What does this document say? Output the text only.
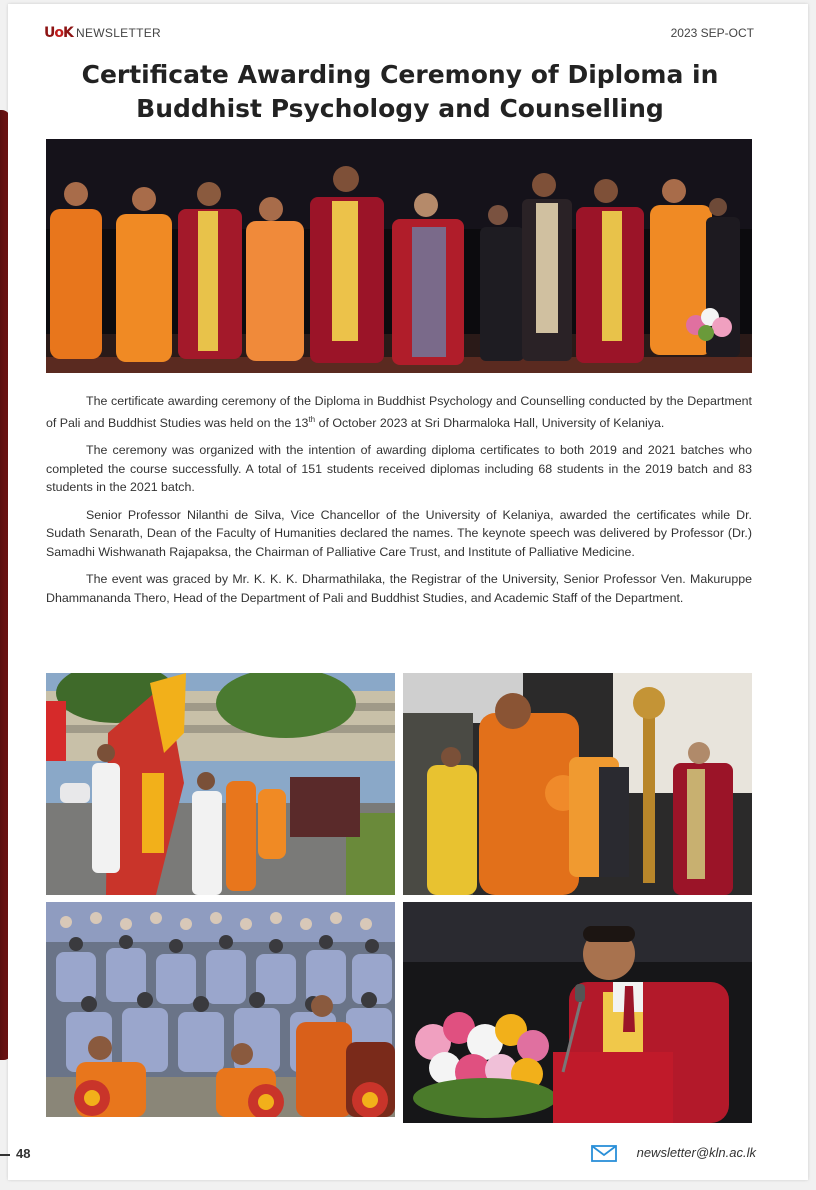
UoK NEWSLETTER	2023 SEP-OCT
Certificate Awarding Ceremony of Diploma in
Buddhist Psychology and Counselling

The certificate awarding ceremony of the Diploma in Buddhist Psychology and Counselling conducted by the Department of Pali and Buddhist Studies was held on the 13th of October 2023 at Sri Dharmaloka Hall, University of Kelaniya.

The ceremony was organized with the intention of awarding diploma certificates to both 2019 and 2021 batches who completed the course successfully. A total of 151 students received diplomas including 68 students in the 2019 batch and 83 students in the 2021 batch.

Senior Professor Nilanthi de Silva, Vice Chancellor of the University of Kelaniya, awarded the certificates while Dr. Sudath Senarath, Dean of the Faculty of Humanities declared the names. The keynote speech was delivered by Professor (Dr.) Samadhi Wishwanath Rajapaksa, the Chairman of Palliative Care Trust, and Institute of Palliative Medicine.

The event was graced by Mr. K. K. K. Dharmathilaka, the Registrar of the University, Senior Professor Ven. Makuruppe Dhammananda Thero, Head of the Department of Pali and Buddhist Studies, and Academic Staff of the Department.

48	newsletter@kln.ac.lk
